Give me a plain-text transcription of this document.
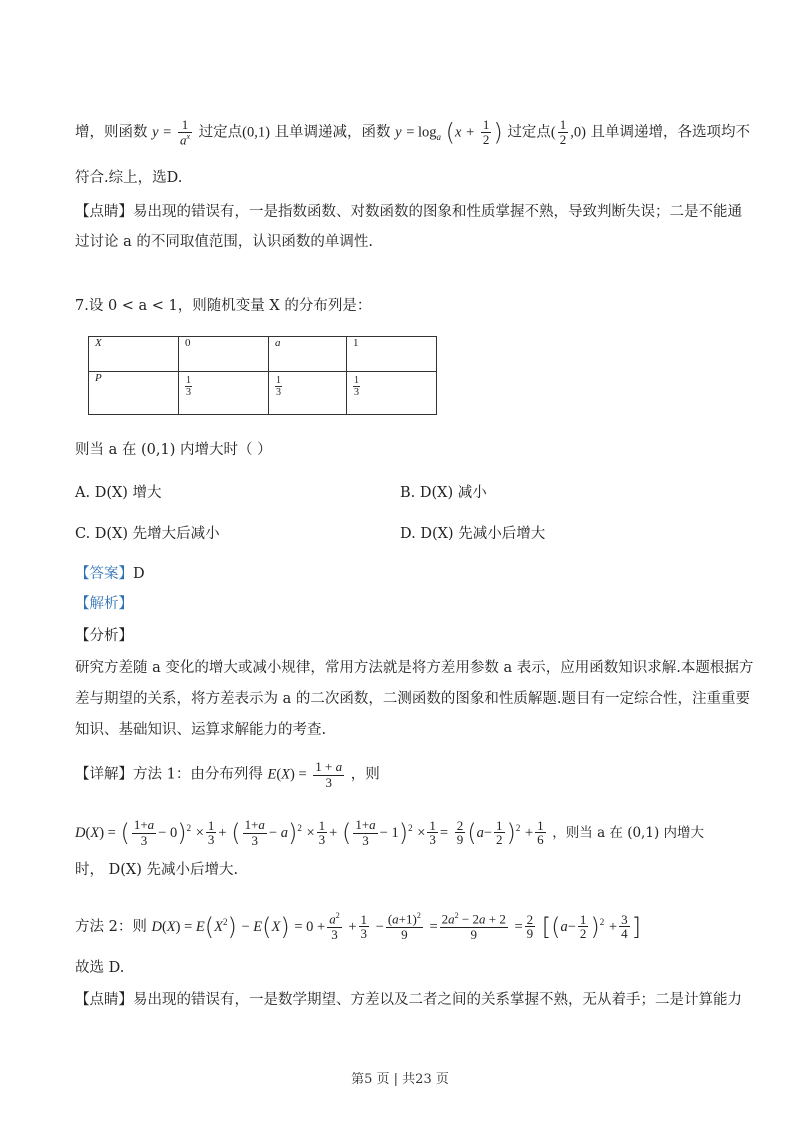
增，则函数 $y = \frac{1}{a^x}$ 过定点(0,1) 且单调递减，函数 $y = \log_a (x + \frac{1}{2}$ ) 过定点( $\frac{1}{2} ,0$) 且单调递增，各选项均不
符合.综上，选D.
【点睛】易出现的错误有，一是指数函数、对数函数的图象和性质掌握不熟，导致判断失误；二是不能通
过讨论 a 的不同取值范围，认识函数的单调性.
7.设 0 < a < 1，则随机变量 X 的分布列是：
X	0	a	1
P	$\frac{1}{3}$	$\frac{1}{3}$	$\frac{1}{3}$
则当 a 在 (0,1) 内增大时（ ）
A. D(X) 增大	B. D(X) 减小
C. D(X) 先增大后减小	D. D(X) 先减小后增大
【答案】D
【解析】
【分析】
研究方差随 a 变化的增大或减小规律，常用方法就是将方差用参数 a 表示，应用函数知识求解.本题根据方
差与期望的关系，将方差表示为 a 的二次函数，二测函数的图象和性质解题.题目有一定综合性，注重重要
知识、基础知识、运算求解能力的考查.
【详解】方法 1：由分布列得 $E(X) = \frac{1 + a}{3}$ ，则
D(X) = ( $\frac{1+a}{3} - 0)^2 \times \frac{1}{3}$ + ( $\frac{1+a}{3} - a)^2 \times \frac{1}{3}$ + ( $\frac{1+a}{3} - 1)^2 \times \frac{1}{3} = \frac{2}{9} (a- \frac{1}{2} )^2 + \frac{1}{6}$ ，则当 a 在 (0,1) 内增大
时， D(X) 先减小后增大.
方法 2：则 $D(X) = E(X^2) - E(X) = 0 + \frac{a^2}{3} + \frac{1}{3} - \frac{(a+1)^2}{9} = \frac{2a^2 - 2a + 2}{9} = \frac{2}{9} [(a- \frac{1}{2} )^2 + \frac{3}{4}$ ]
故选 D.
【点睛】易出现的错误有，一是数学期望、方差以及二者之间的关系掌握不熟，无从着手；二是计算能力
第5 页 | 共23 页
